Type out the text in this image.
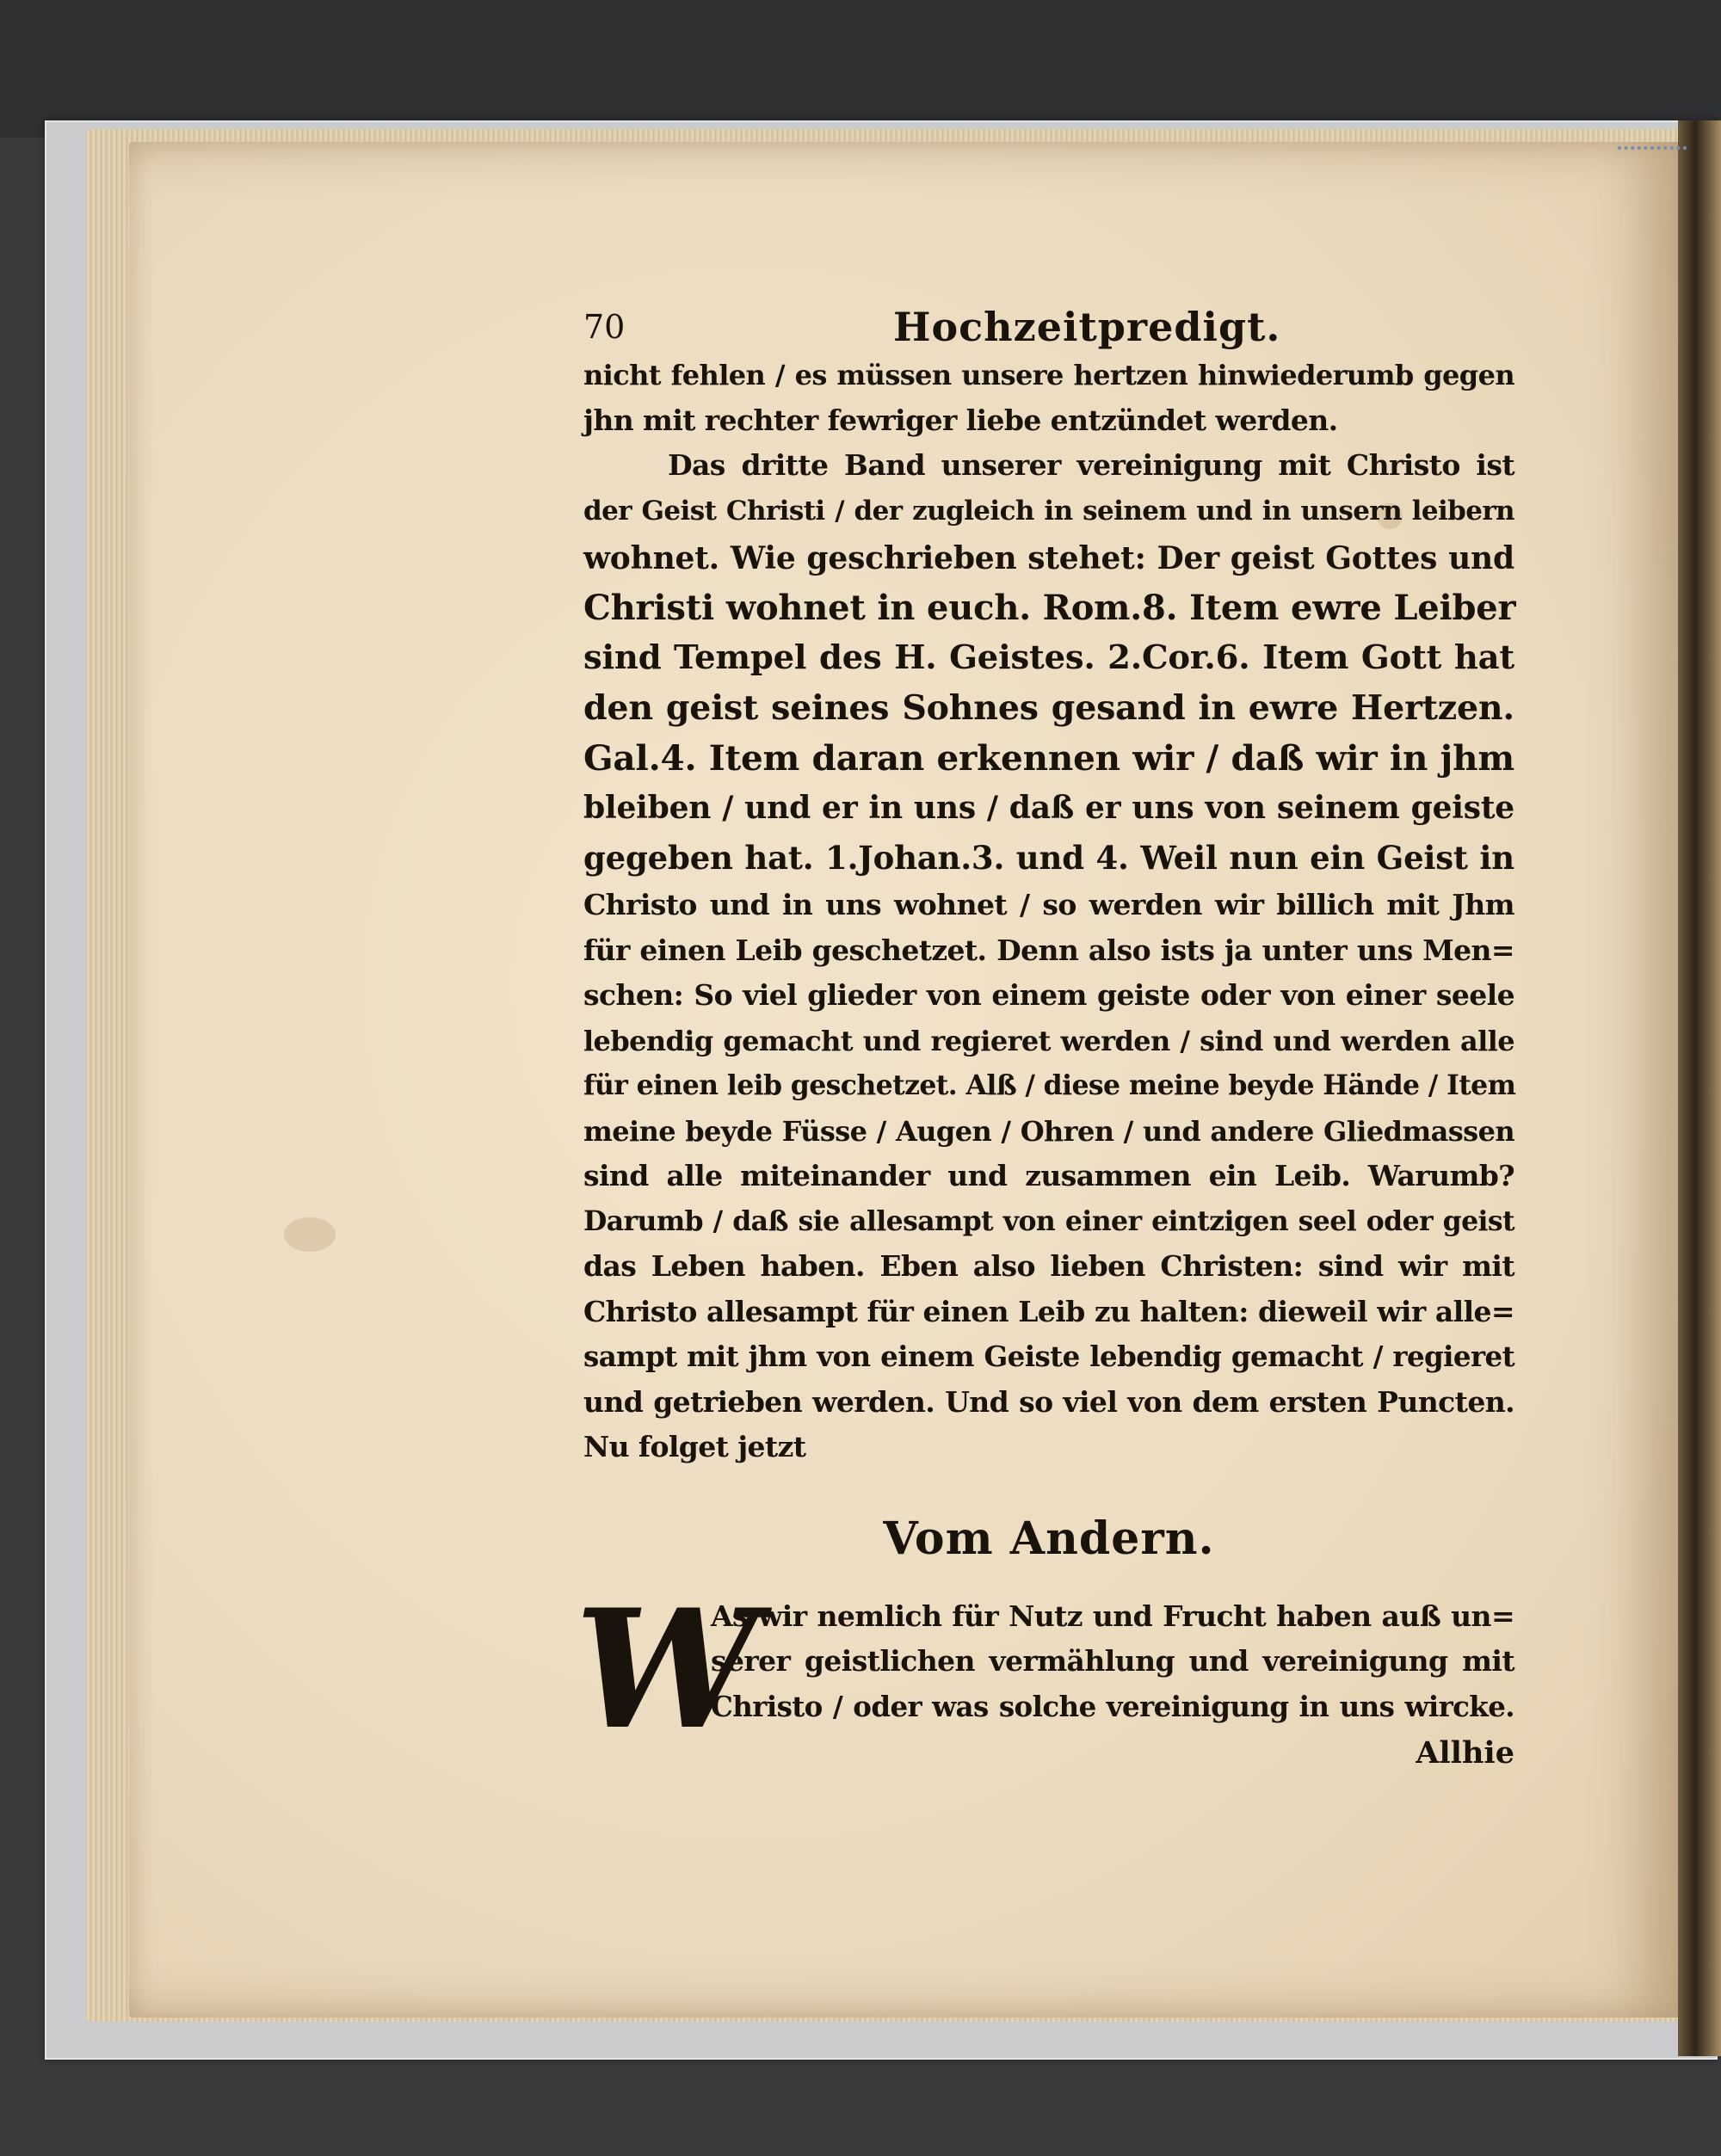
70	Hochzeitpredigt.
nicht fehlen / es müssen unsere hertzen hinwiederumb gegen
jhn mit rechter fewriger liebe entzündet werden.
Das dritte Band unserer vereinigung mit Christo ist
der Geist Christi / der zugleich in seinem und in unsern leibern
wohnet. Wie geschrieben stehet: Der geist Gottes und
Christi wohnet in euch. Rom.8. Item ewre Leiber
sind Tempel des H. Geistes. 2.Cor.6. Item Gott hat
den geist seines Sohnes gesand in ewre Hertzen.
Gal.4. Item daran erkennen wir / daß wir in jhm
bleiben / und er in uns / daß er uns von seinem geiste
gegeben hat. 1.Johan.3. und 4. Weil nun ein Geist in
Christo und in uns wohnet / so werden wir billich mit Jhm
für einen Leib geschetzet. Denn also ists ja unter uns Men=
schen: So viel glieder von einem geiste oder von einer seele
lebendig gemacht und regieret werden / sind und werden alle
für einen leib geschetzet. Alß / diese meine beyde Hände / Item
meine beyde Füsse / Augen / Ohren / und andere Gliedmassen
sind alle miteinander und zusammen ein Leib. Warumb?
Darumb / daß sie allesampt von einer eintzigen seel oder geist
das Leben haben. Eben also lieben Christen: sind wir mit
Christo allesampt für einen Leib zu halten: dieweil wir alle=
sampt mit jhm von einem Geiste lebendig gemacht / regieret
und getrieben werden. Und so viel von dem ersten Puncten.
Nu folget jetzt
Vom Andern.
W
As wir nemlich für Nutz und Frucht haben auß un=
serer geistlichen vermählung und vereinigung mit
Christo / oder was solche vereinigung in uns wircke.
Allhie
